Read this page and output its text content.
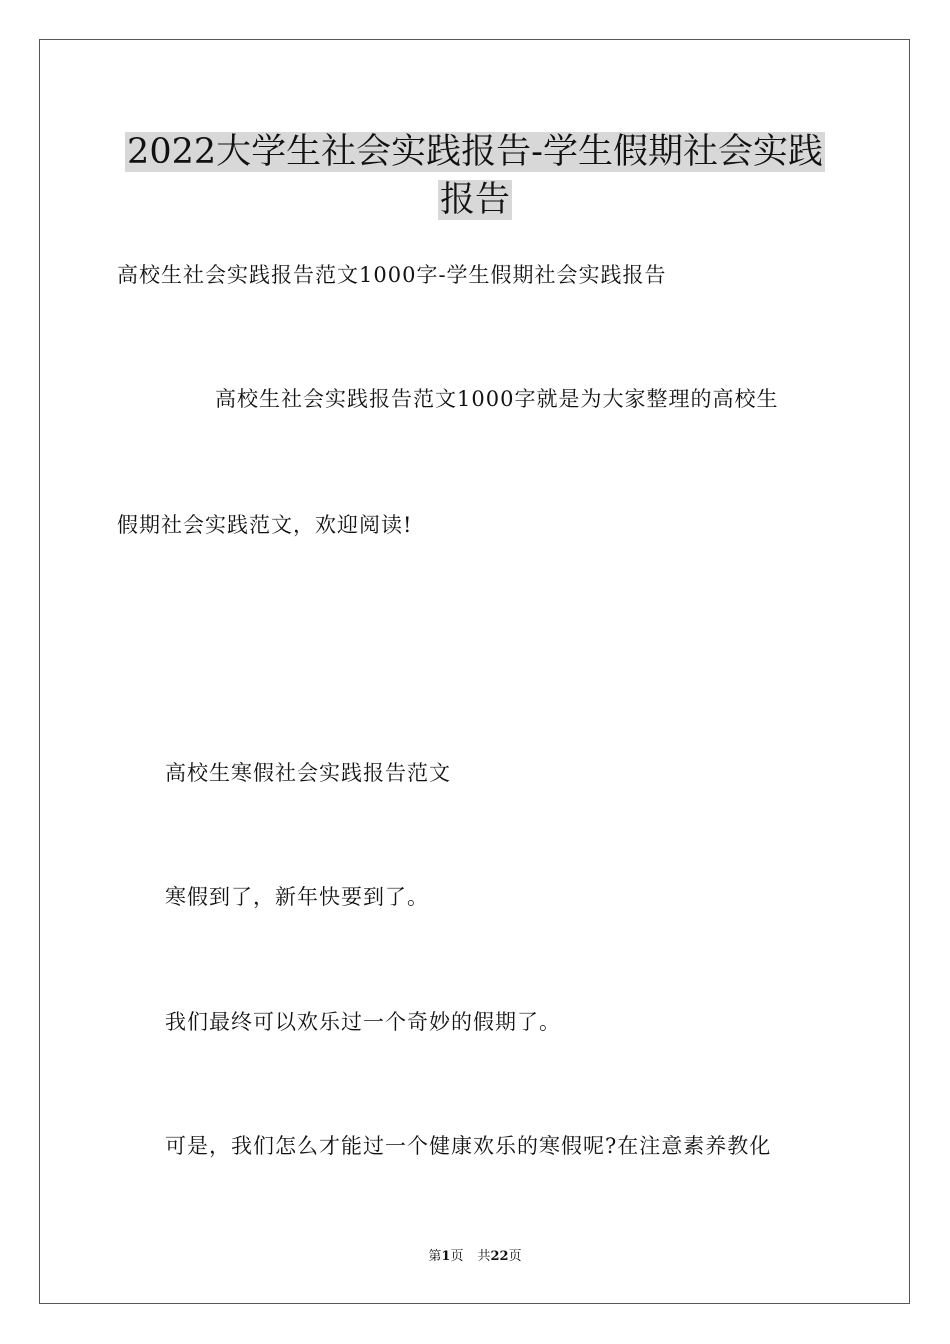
2022大学生社会实践报告-学生假期社会实践
报告

高校生社会实践报告范文1000字-学生假期社会实践报告

高校生社会实践报告范文1000字就是为大家整理的高校生

假期社会实践范文，欢迎阅读!

高校生寒假社会实践报告范文

寒假到了，新年快要到了。

我们最终可以欢乐过一个奇妙的假期了。

可是，我们怎么才能过一个健康欢乐的寒假呢?在注意素养教化

第1页 共22页
